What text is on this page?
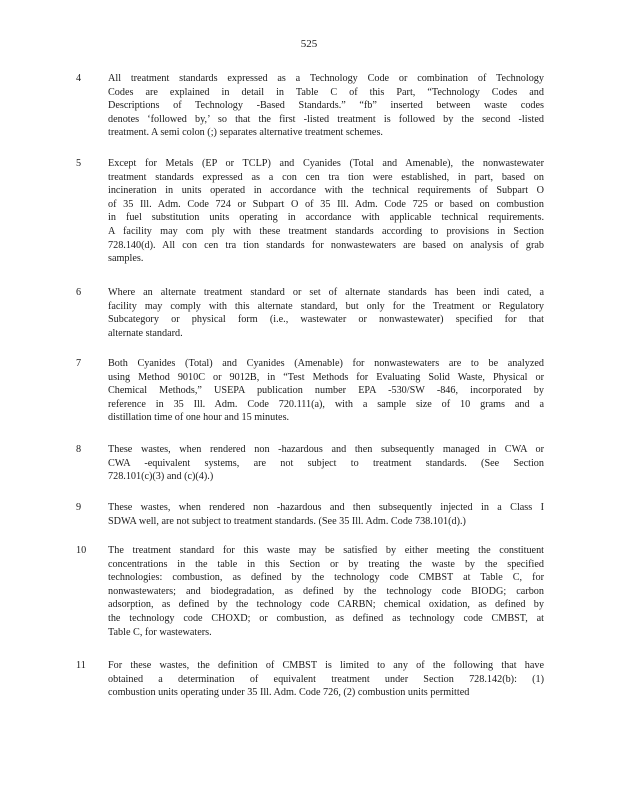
525
4	All treatment standards expressed as a Technology Code or combination of Technology
Codes are explained in detail in Table C of this Part, “Technology Codes and
Descriptions of Technology -Based Standards.” “fb” inserted between waste codes
denotes ‘followed by,’ so that the first -listed treatment is followed by the second -listed
treatment. A semi colon (;) separates alternative treatment schemes.
5	Except for Metals (EP or TCLP) and Cyanides (Total and Amenable), the nonwastewater
treatment standards expressed as a con cen tra tion were established, in part, based on
incineration in units operated in accordance with the technical requirements of Subpart O
of 35 Ill. Adm. Code 724 or Subpart O of 35 Ill. Adm. Code 725 or based on combustion
in fuel substitution units operating in accordance with applicable technical requirements.
A facility may com ply with these treatment standards according to provisions in Section
728.140(d). All con cen tra tion standards for nonwastewaters are based on analysis of grab
samples.
6	Where an alternate treatment standard or set of alternate standards has been indi cated, a
facility may comply with this alternate standard, but only for the Treatment or Regulatory
Subcategory or physical form (i.e., wastewater or nonwastewater) specified for that
alternate standard.
7	Both Cyanides (Total) and Cyanides (Amenable) for nonwastewaters are to be analyzed
using Method 9010C or 9012B, in “Test Methods for Evaluating Solid Waste, Physical or
Chemical Methods,” USEPA publication number EPA -530/SW -846, incorporated by
reference in 35 Ill. Adm. Code 720.111(a), with a sample size of 10 grams and a
distillation time of one hour and 15 minutes.
8	These wastes, when rendered non -hazardous and then subsequently managed in CWA or
CWA -equivalent systems, are not subject to treatment standards. (See Section
728.101(c)(3) and (c)(4).)
9	These wastes, when rendered non -hazardous and then subsequently injected in a Class I
SDWA well, are not subject to treatment standards. (See 35 Ill. Adm. Code 738.101(d).)
10	The treatment standard for this waste may be satisfied by either meeting the constituent
concentrations in the table in this Section or by treating the waste by the specified
technologies: combustion, as defined by the technology code CMBST at Table C, for
nonwastewaters; and biodegradation, as defined by the technology code BIODG; carbon
adsorption, as defined by the technology code CARBN; chemical oxidation, as defined by
the technology code CHOXD; or combustion, as defined as technology code CMBST, at
Table C, for wastewaters.
11	For these wastes, the definition of CMBST is limited to any of the following that have
obtained a determination of equivalent treatment under Section 728.142(b): (1)
combustion units operating under 35 Ill. Adm. Code 726, (2) combustion units permitted
